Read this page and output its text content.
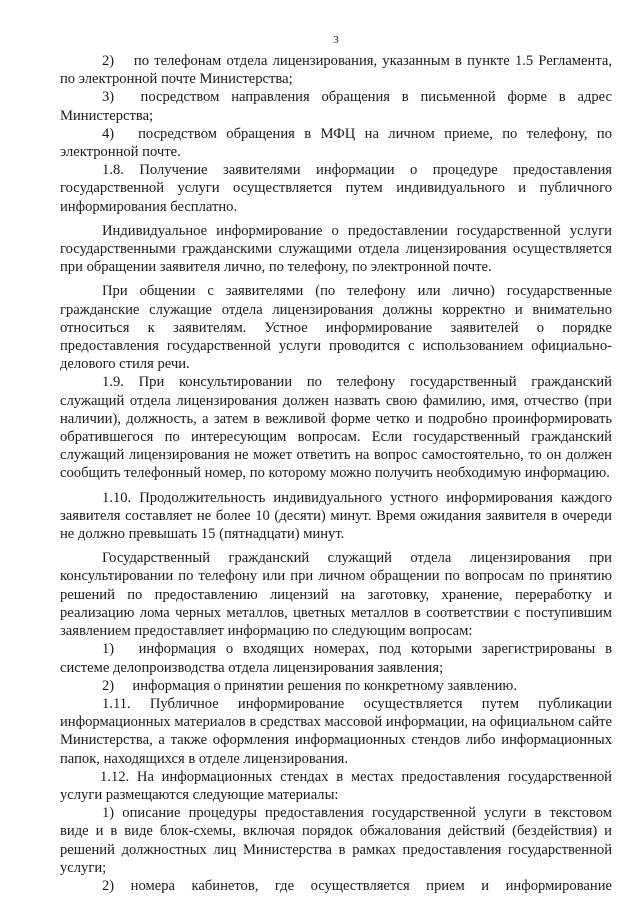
3

2)  по телефонам отдела лицензирования, указанным в пункте 1.5 Регламента, по электронной почте Министерства;

3)  посредством направления обращения в письменной форме в адрес Министерства;

4)  посредством обращения в МФЦ на личном приеме, по телефону, по электронной почте.

1.8. Получение заявителями информации о процедуре предоставления государственной услуги осуществляется путем индивидуального и публичного информирования бесплатно.

Индивидуальное информирование о предоставлении государственной услуги государственными гражданскими служащими отдела лицензирования осуществляется при обращении заявителя лично, по телефону, по электронной почте.

При общении с заявителями (по телефону или лично) государственные гражданские служащие отдела лицензирования должны корректно и внимательно относиться к заявителям. Устное информирование заявителей о порядке предоставления государственной услуги проводится с использованием официально-делового стиля речи.

1.9. При консультировании по телефону государственный гражданский служащий отдела лицензирования должен назвать свою фамилию, имя, отчество (при наличии), должность, а затем в вежливой форме четко и подробно проинформировать обратившегося по интересующим вопросам. Если государственный гражданский служащий лицензирования не может ответить на вопрос самостоятельно, то он должен сообщить телефонный номер, по которому можно получить необходимую информацию.

1.10. Продолжительность индивидуального устного информирования каждого заявителя составляет не более 10 (десяти) минут. Время ожидания заявителя в очереди не должно превышать 15 (пятнадцати) минут.

Государственный гражданский служащий отдела лицензирования при консультировании по телефону или при личном обращении по вопросам по принятию решений по предоставлению лицензий на заготовку, хранение, переработку и реализацию лома черных металлов, цветных металлов в соответствии с поступившим заявлением предоставляет информацию по следующим вопросам:

1)  информация о входящих номерах, под которыми зарегистрированы в системе делопроизводства отдела лицензирования заявления;

2)  информация о принятии решения по конкретному заявлению.

1.11. Публичное информирование осуществляется путем публикации информационных материалов в средствах массовой информации, на официальном сайте Министерства, а также оформления информационных стендов либо информационных папок, находящихся в отделе лицензирования.

1.12. На информационных стендах в местах предоставления государственной услуги размещаются следующие материалы:

1) описание процедуры предоставления государственной услуги в текстовом виде и в виде блок-схемы, включая порядок обжалования действий (бездействия) и решений должностных лиц Министерства в рамках предоставления государственной услуги;

2) номера кабинетов, где осуществляется прием и информирование
